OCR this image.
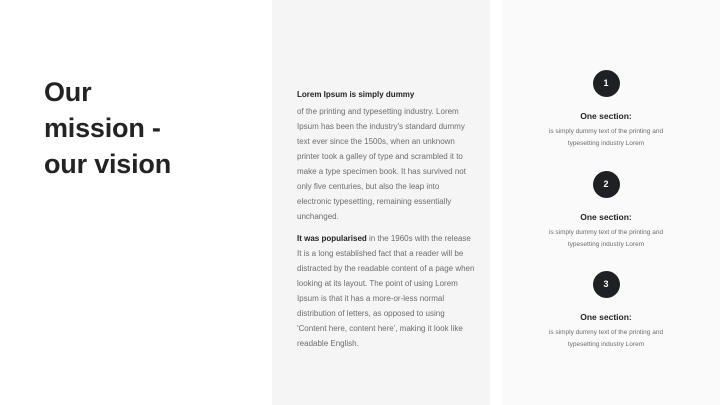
Our
mission -
our vision
Lorem Ipsum is simply dummy

of the printing and typesetting industry. Lorem Ipsum has been the industry's standard dummy text ever since the 1500s, when an unknown printer took a galley of type and scrambled it to make a type specimen book. It has survived not only five centuries, but also the leap into electronic typesetting, remaining essentially unchanged.

It was popularised in the 1960s with the release It is a long established fact that a reader will be distracted by the readable content of a page when looking at its layout. The point of using Lorem Ipsum is that it has a more-or-less normal distribution of letters, as opposed to using 'Content here, content here', making it look like readable English.

1
One section:
is simply dummy text of the printing and typesetting industry Lorem
2
One section:
is simply dummy text of the printing and typesetting industry Lorem
3
One section:
is simply dummy text of the printing and typesetting industry Lorem
